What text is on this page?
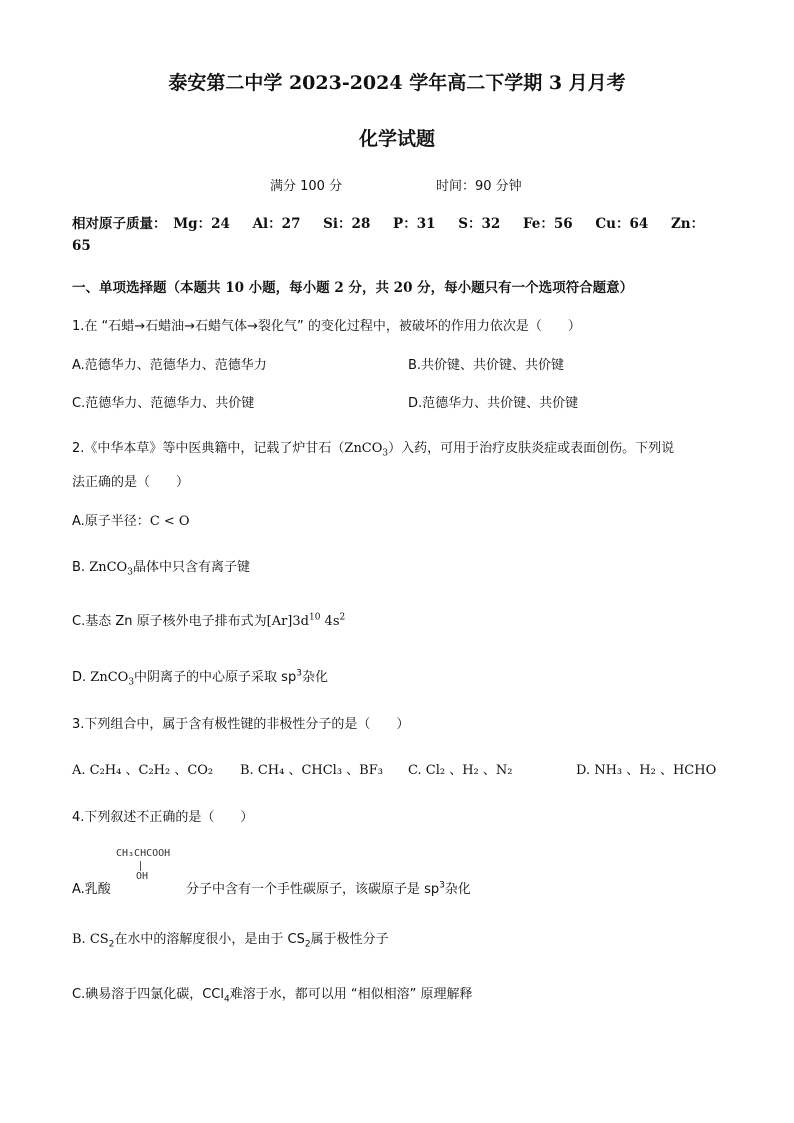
泰安第二中学 2023-2024 学年高二下学期 3 月月考
化学试题
满分 100 分	时间：90 分钟
相对原子质量： Mg：24 Al：27 Si：28 P：31 S：32 Fe：56 Cu：64 Zn：
65
一、单项选择题（本题共 10 小题，每小题 2 分，共 20 分，每小题只有一个选项符合题意）
1.在 “石蜡→石蜡油→石蜡气体→裂化气” 的变化过程中，被破坏的作用力依次是（　　）
A.范德华力、范德华力、范德华力	B.共价键、共价键、共价键
C.范德华力、范德华力、共价键	D.范德华力、共价键、共价键
2.《中华本草》等中医典籍中，记载了炉甘石（ZnCO$_3$）入药，可用于治疗皮肤炎症或表面创伤。下列说
法正确的是（　　）
A.原子半径：C < O
B. ZnCO$_3$晶体中只含有离子键
C.基态 Zn 原子核外电子排布式为$[Ar]3d^{10}$ $4s^2$
D. ZnCO$_3$中阴离子的中心原子采取 $sp^3$杂化
3.下列组合中，属于含有极性键的非极性分子的是（　　）
A. C₂H₄ 、C₂H₂ 、CO₂ B. CH₄ 、CHCl₃ 、BF₃ C. Cl₂ 、H₂ 、N₂	D. NH₃ 、H₂ 、HCHO
4.下列叙述不正确的是（　　）
CH₃CHCOOH
OH
A.乳酸	分子中含有一个手性碳原子，该碳原子是 $sp^3$杂化
B. $CS_2$在水中的溶解度很小，是由于 $CS_2$属于极性分子
C.碘易溶于四氯化碳，CCl$_4$难溶于水，都可以用 “相似相溶” 原理解释
